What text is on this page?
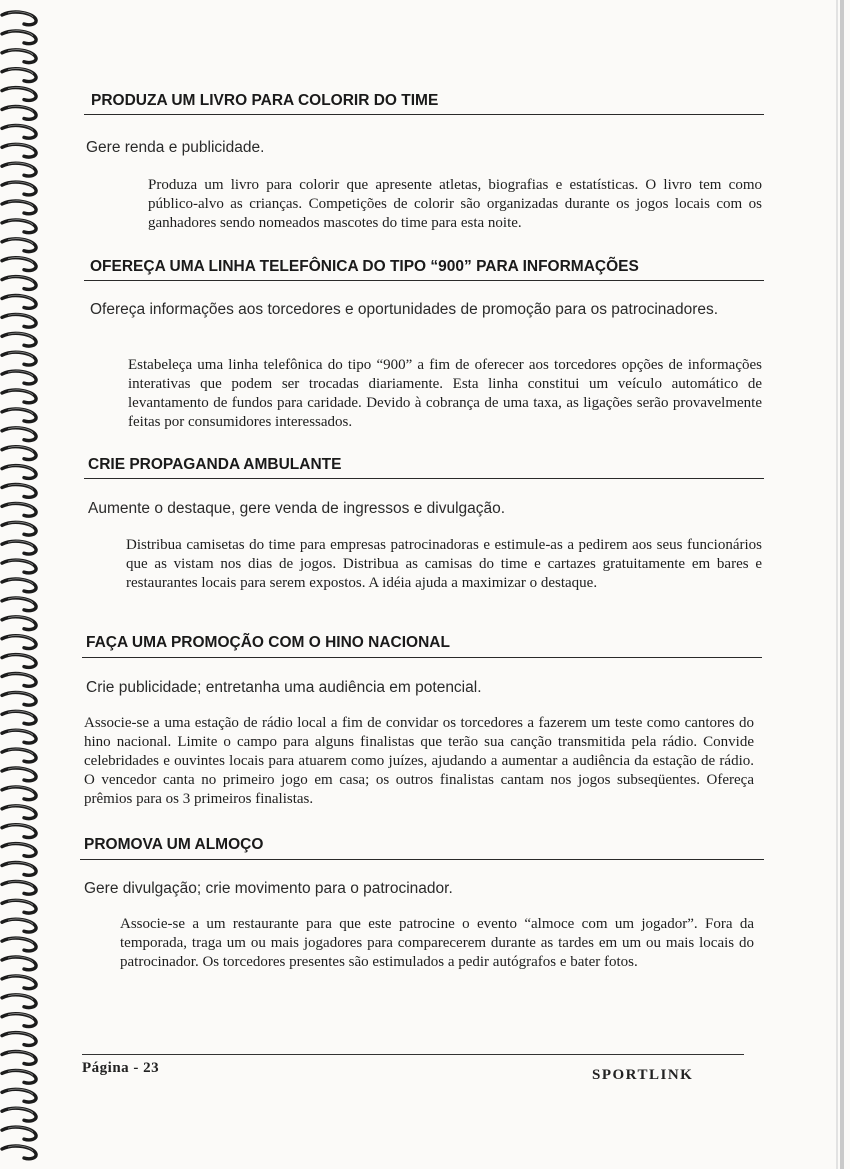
PRODUZA UM LIVRO PARA COLORIR DO TIME

Gere renda e publicidade.

Produza um livro para colorir que apresente atletas, biografias e estatísticas. O livro tem como público-alvo as crianças. Competições de colorir são organizadas durante os jogos locais com os ganhadores sendo nomeados mascotes do time para esta noite.

OFEREÇA UMA LINHA TELEFÔNICA DO TIPO “900” PARA INFORMAÇÕES

Ofereça informações aos torcedores e oportunidades de promoção para os patrocinadores.

Estabeleça uma linha telefônica do tipo “900” a fim de oferecer aos torcedores opções de informações interativas que podem ser trocadas diariamente. Esta linha constitui um veículo automático de levantamento de fundos para caridade. Devido à cobrança de uma taxa, as ligações serão provavelmente feitas por consumidores interessados.

CRIE PROPAGANDA AMBULANTE

Aumente o destaque, gere venda de ingressos e divulgação.

Distribua camisetas do time para empresas patrocinadoras e estimule-as a pedirem aos seus funcionários que as vistam nos dias de jogos. Distribua as camisas do time e cartazes gratuitamente em bares e restaurantes locais para serem expostos. A idéia ajuda a maximizar o destaque.

FAÇA UMA PROMOÇÃO COM O HINO NACIONAL

Crie publicidade; entretanha uma audiência em potencial.

Associe-se a uma estação de rádio local a fim de convidar os torcedores a fazerem um teste como cantores do hino nacional. Limite o campo para alguns finalistas que terão sua canção transmitida pela rádio. Convide celebridades e ouvintes locais para atuarem como juízes, ajudando a aumentar a audiência da estação de rádio. O vencedor canta no primeiro jogo em casa; os outros finalistas cantam nos jogos subseqüentes. Ofereça prêmios para os 3 primeiros finalistas.

PROMOVA UM ALMOÇO

Gere divulgação; crie movimento para o patrocinador.

Associe-se a um restaurante para que este patrocine o evento “almoce com um jogador”. Fora da temporada, traga um ou mais jogadores para comparecerem durante as tardes em um ou mais locais do patrocinador. Os torcedores presentes são estimulados a pedir autógrafos e bater fotos.

Página - 23	SPORTLINK
